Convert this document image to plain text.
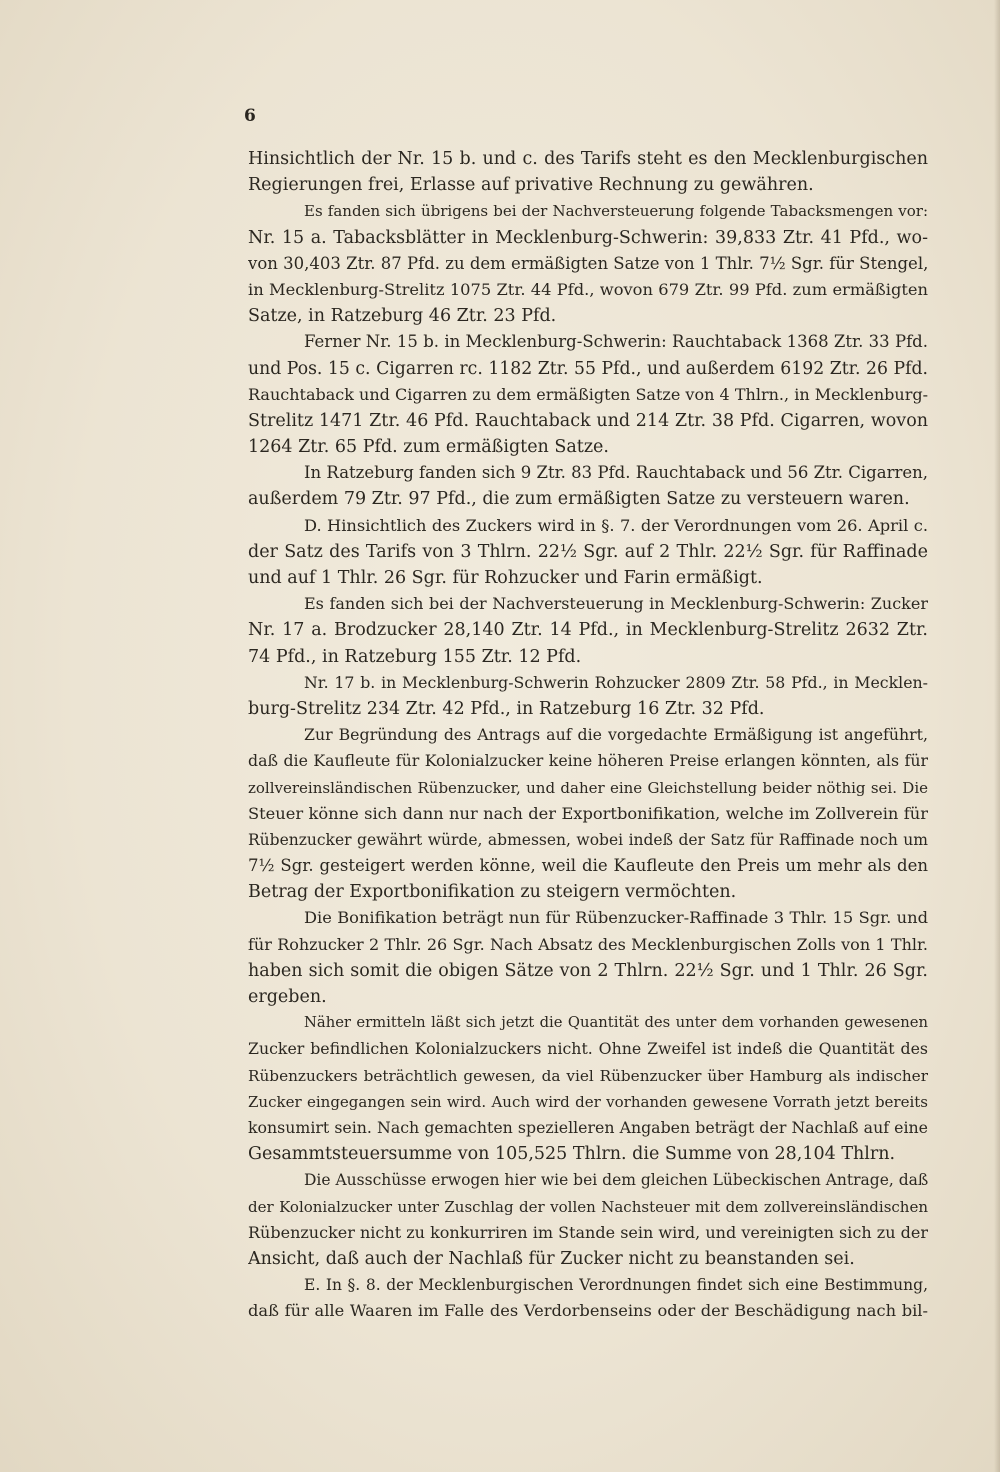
6
Hinsichtlich der Nr. 15 b. und c. des Tarifs steht es den Mecklenburgischen
Regierungen frei, Erlasse auf privative Rechnung zu gewähren.
Es fanden sich übrigens bei der Nachversteuerung folgende Tabacksmengen vor:
Nr. 15 a. Tabacksblätter in Mecklenburg-Schwerin: 39,833 Ztr. 41 Pfd., wo-
von 30,403 Ztr. 87 Pfd. zu dem ermäßigten Satze von 1 Thlr. 7½ Sgr. für Stengel,
in Mecklenburg-Strelitz 1075 Ztr. 44 Pfd., wovon 679 Ztr. 99 Pfd. zum ermäßigten
Satze, in Ratzeburg 46 Ztr. 23 Pfd.
Ferner Nr. 15 b. in Mecklenburg-Schwerin: Rauchtaback 1368 Ztr. 33 Pfd.
und Pos. 15 c. Cigarren rc. 1182 Ztr. 55 Pfd., und außerdem 6192 Ztr. 26 Pfd.
Rauchtaback und Cigarren zu dem ermäßigten Satze von 4 Thlrn., in Mecklenburg-
Strelitz 1471 Ztr. 46 Pfd. Rauchtaback und 214 Ztr. 38 Pfd. Cigarren, wovon
1264 Ztr. 65 Pfd. zum ermäßigten Satze.
In Ratzeburg fanden sich 9 Ztr. 83 Pfd. Rauchtaback und 56 Ztr. Cigarren,
außerdem 79 Ztr. 97 Pfd., die zum ermäßigten Satze zu versteuern waren.
D. Hinsichtlich des Zuckers wird in §. 7. der Verordnungen vom 26. April c.
der Satz des Tarifs von 3 Thlrn. 22½ Sgr. auf 2 Thlr. 22½ Sgr. für Raffinade
und auf 1 Thlr. 26 Sgr. für Rohzucker und Farin ermäßigt.
Es fanden sich bei der Nachversteuerung in Mecklenburg-Schwerin: Zucker
Nr. 17 a. Brodzucker 28,140 Ztr. 14 Pfd., in Mecklenburg-Strelitz 2632 Ztr.
74 Pfd., in Ratzeburg 155 Ztr. 12 Pfd.
Nr. 17 b. in Mecklenburg-Schwerin Rohzucker 2809 Ztr. 58 Pfd., in Mecklen-
burg-Strelitz 234 Ztr. 42 Pfd., in Ratzeburg 16 Ztr. 32 Pfd.
Zur Begründung des Antrags auf die vorgedachte Ermäßigung ist angeführt,
daß die Kaufleute für Kolonialzucker keine höheren Preise erlangen könnten, als für
zollvereinsländischen Rübenzucker, und daher eine Gleichstellung beider nöthig sei. Die
Steuer könne sich dann nur nach der Exportbonifikation, welche im Zollverein für
Rübenzucker gewährt würde, abmessen, wobei indeß der Satz für Raffinade noch um
7½ Sgr. gesteigert werden könne, weil die Kaufleute den Preis um mehr als den
Betrag der Exportbonifikation zu steigern vermöchten.
Die Bonifikation beträgt nun für Rübenzucker-Raffinade 3 Thlr. 15 Sgr. und
für Rohzucker 2 Thlr. 26 Sgr. Nach Absatz des Mecklenburgischen Zolls von 1 Thlr.
haben sich somit die obigen Sätze von 2 Thlrn. 22½ Sgr. und 1 Thlr. 26 Sgr.
ergeben.
Näher ermitteln läßt sich jetzt die Quantität des unter dem vorhanden gewesenen
Zucker befindlichen Kolonialzuckers nicht. Ohne Zweifel ist indeß die Quantität des
Rübenzuckers beträchtlich gewesen, da viel Rübenzucker über Hamburg als indischer
Zucker eingegangen sein wird. Auch wird der vorhanden gewesene Vorrath jetzt bereits
konsumirt sein. Nach gemachten spezielleren Angaben beträgt der Nachlaß auf eine
Gesammtsteuersumme von 105,525 Thlrn. die Summe von 28,104 Thlrn.
Die Ausschüsse erwogen hier wie bei dem gleichen Lübeckischen Antrage, daß
der Kolonialzucker unter Zuschlag der vollen Nachsteuer mit dem zollvereinsländischen
Rübenzucker nicht zu konkurriren im Stande sein wird, und vereinigten sich zu der
Ansicht, daß auch der Nachlaß für Zucker nicht zu beanstanden sei.
E. In §. 8. der Mecklenburgischen Verordnungen findet sich eine Bestimmung,
daß für alle Waaren im Falle des Verdorbenseins oder der Beschädigung nach bil-
